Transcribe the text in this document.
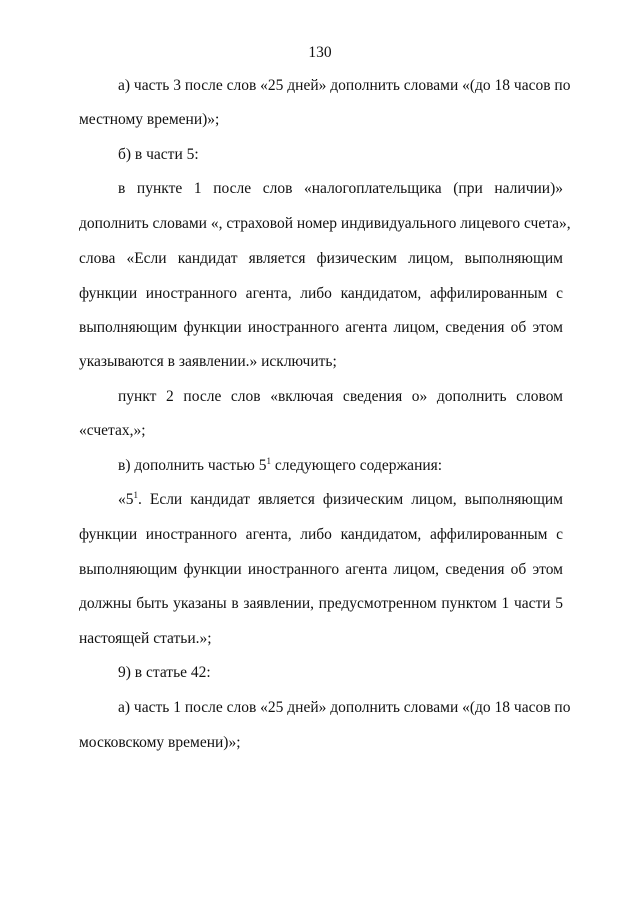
130
а) часть 3 после слов «25 дней» дополнить словами «(до 18 часов по
местному времени)»;
б) в части 5:
в пункте 1 после слов «налогоплательщика (при наличии)»
дополнить словами «, страховой номер индивидуального лицевого счета»,
слова «Если кандидат является физическим лицом, выполняющим
функции иностранного агента, либо кандидатом, аффилированным с
выполняющим функции иностранного агента лицом, сведения об этом
указываются в заявлении.» исключить;
пункт 2 после слов «включая сведения о» дополнить словом
«счетах,»;
в) дополнить частью $5^1$ следующего содержания:
«$5^1$. Если кандидат является физическим лицом, выполняющим
функции иностранного агента, либо кандидатом, аффилированным с
выполняющим функции иностранного агента лицом, сведения об этом
должны быть указаны в заявлении, предусмотренном пунктом 1 части 5
настоящей статьи.»;
9) в статье 42:
а) часть 1 после слов «25 дней» дополнить словами «(до 18 часов по
московскому времени)»;
